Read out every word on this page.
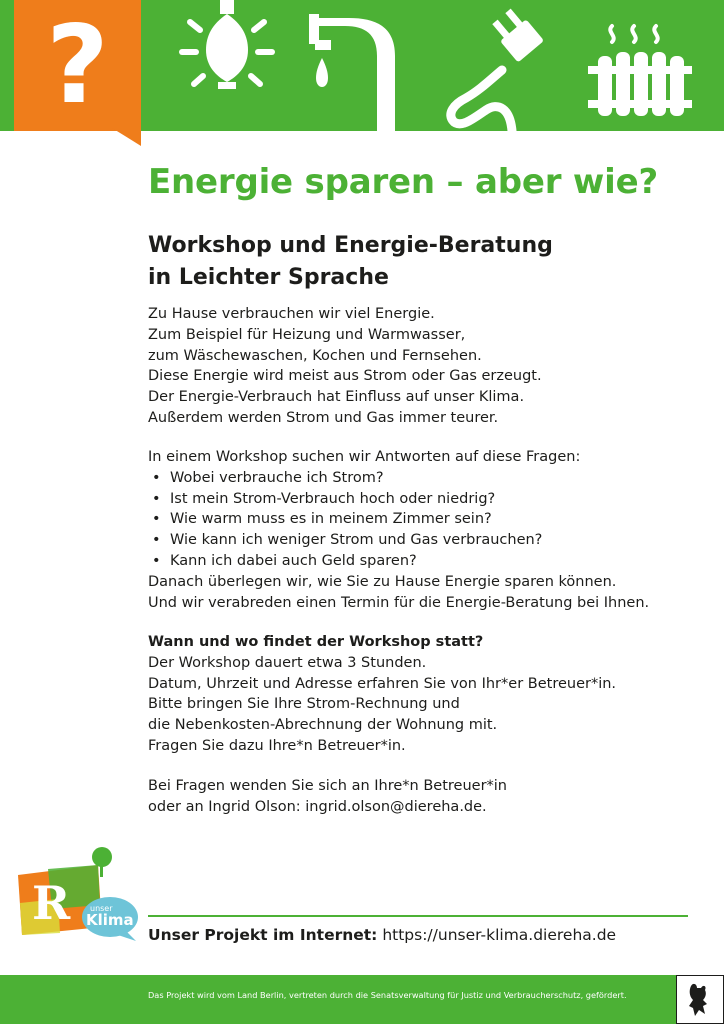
?
Energie sparen – aber wie?
Workshop und Energie-Beratung
in Leichter Sprache
Zu Hause verbrauchen wir viel Energie.
Zum Beispiel für Heizung und Warmwasser,
zum Wäschewaschen, Kochen und Fernsehen.
Diese Energie wird meist aus Strom oder Gas erzeugt.
Der Energie-Verbrauch hat Einfluss auf unser Klima.
Außerdem werden Strom und Gas immer teurer.
In einem Workshop suchen wir Antworten auf diese Fragen:
• Wobei verbrauche ich Strom?
• Ist mein Strom-Verbrauch hoch oder niedrig?
• Wie warm muss es in meinem Zimmer sein?
• Wie kann ich weniger Strom und Gas verbrauchen?
• Kann ich dabei auch Geld sparen?
Danach überlegen wir, wie Sie zu Hause Energie sparen können.
Und wir verabreden einen Termin für die Energie-Beratung bei Ihnen.
Wann und wo findet der Workshop statt?
Der Workshop dauert etwa 3 Stunden.
Datum, Uhrzeit und Adresse erfahren Sie von Ihr*er Betreuer*in.
Bitte bringen Sie Ihre Strom-Rechnung und
die Nebenkosten-Abrechnung der Wohnung mit.
Fragen Sie dazu Ihre*n Betreuer*in.
Bei Fragen wenden Sie sich an Ihre*n Betreuer*in
oder an Ingrid Olson: ingrid.olson@diereha.de.
R unser
Klima
Unser Projekt im Internet: https://unser-klima.diereha.de
Das Projekt wird vom Land Berlin, vertreten durch die Senatsverwaltung für Justiz und Verbraucherschutz, gefördert.
